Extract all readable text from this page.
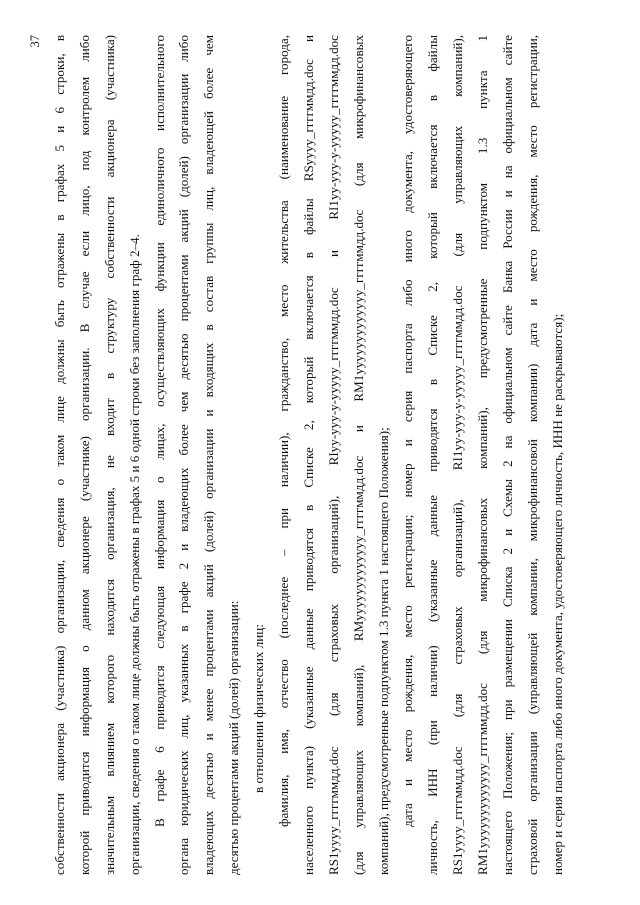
37 собственности акционера (участника) организации, сведения о таком лице должны быть отражены в графах 5 и 6 строки, в которой приводится информация о данном акционере (участнике) организации. В случае если лицо, под контролем либо значительным влиянием которого находится организация, не входит в структуру собственности акционера (участника) организации, сведения о таком лице должны быть отражены в графах 5 и 6 одной строки без заполнения граф 2–4. В графе 6 приводится следующая информация о лицах, осуществляющих функции единоличного исполнительного органа юридических лиц, указанных в графе 2 и владеющих более чем десятью процентами акций (долей) организации либо владеющих десятью и менее процентами акций (долей) организации и входящих в состав группы лиц, владеющей более чем десятью процентами акций (долей) организации: в отношении физических лиц: фамилия, имя, отчество (последнее – при наличии), гражданство, место жительства (наименование города, населенного пункта) (указанные данные приводятся в Списке 2, который включается в файлы RSyyyy_ггггммдд.doc и RS1yyyy_ггггммдд.doc (для страховых организаций), RIyy-yyy-y-yyyyy_ггггммдд.doc и RI1yy-yyy-y-yyyyy_ггггммдд.doc (для управляющих компаний), RMyyyyyyyyyyyyy_ггггммдд.doc и RM1yyyyyyyyyyyyy_ггггммдд.doc (для микрофинансовых компаний), предусмотренные подпунктом 1.3 пункта 1 настоящего Положения); дата и место рождения, место регистрации; номер и серия паспорта либо иного документа, удостоверяющего личность, ИНН (при наличии) (указанные данные приводятся в Списке 2, который включается в файлы RS1yyyy_ггггммдд.doc (для страховых организаций), RI1yy-yyy-y-yyyyy_ггггммдд.doc (для управляющих компаний), RM1yyyyyyyyyyyyy_ггггммдд.doc (для микрофинансовых компаний), предусмотренные подпунктом 1.3 пункта 1 настоящего Положения; при размещении Списка 2 и Схемы 2 на официальном сайте Банка России и на официальном сайте страховой организации (управляющей компании, микрофинансовой компании) дата и место рождения, место регистрации, номер и серия паспорта либо иного документа, удостоверяющего личность, ИНН не раскрываются);
